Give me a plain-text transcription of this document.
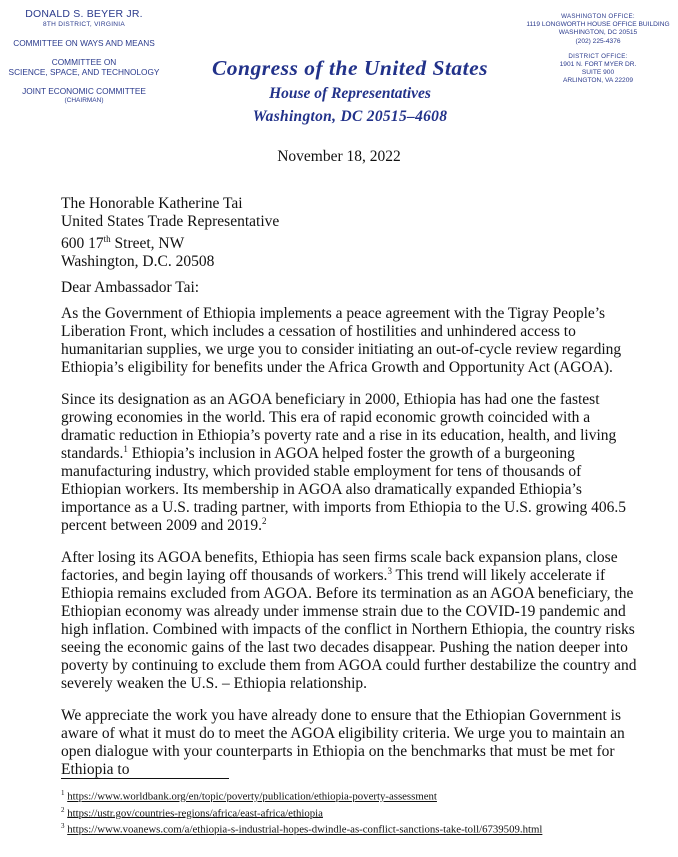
DONALD S. BEYER JR.
8TH DISTRICT, VIRGINIA
COMMITTEE ON WAYS AND MEANS
COMMITTEE ON
SCIENCE, SPACE, AND TECHNOLOGY
JOINT ECONOMIC COMMITTEE
(CHAIRMAN)
Congress of the United States
House of Representatives
Washington, DC 20515–4608
WASHINGTON OFFICE:
1119 LONGWORTH HOUSE OFFICE BUILDING
WASHINGTON, DC 20515
(202) 225-4376
DISTRICT OFFICE:
1901 N. FORT MYER DR.
SUITE 900
ARLINGTON, VA 22209
November 18, 2022
The Honorable Katherine Tai
United States Trade Representative
600 17th Street, NW
Washington, D.C. 20508
Dear Ambassador Tai:

As the Government of Ethiopia implements a peace agreement with the Tigray People’s Liberation Front, which includes a cessation of hostilities and unhindered access to humanitarian supplies, we urge you to consider initiating an out-of-cycle review regarding Ethiopia’s eligibility for benefits under the Africa Growth and Opportunity Act (AGOA).

Since its designation as an AGOA beneficiary in 2000, Ethiopia has had one the fastest growing economies in the world. This era of rapid economic growth coincided with a dramatic reduction in Ethiopia’s poverty rate and a rise in its education, health, and living standards.$^1$ Ethiopia’s inclusion in AGOA helped foster the growth of a burgeoning manufacturing industry, which provided stable employment for tens of thousands of Ethiopian workers. Its membership in AGOA also dramatically expanded Ethiopia’s importance as a U.S. trading partner, with imports from Ethiopia to the U.S. growing 406.5 percent between 2009 and 2019.$^2$

After losing its AGOA benefits, Ethiopia has seen firms scale back expansion plans, close factories, and begin laying off thousands of workers.$^3$ This trend will likely accelerate if Ethiopia remains excluded from AGOA. Before its termination as an AGOA beneficiary, the Ethiopian economy was already under immense strain due to the COVID-19 pandemic and high inflation. Combined with impacts of the conflict in Northern Ethiopia, the country risks seeing the economic gains of the last two decades disappear. Pushing the nation deeper into poverty by continuing to exclude them from AGOA could further destabilize the country and severely weaken the U.S. – Ethiopia relationship.

We appreciate the work you have already done to ensure that the Ethiopian Government is aware of what it must do to meet the AGOA eligibility criteria. We urge you to maintain an open dialogue with your counterparts in Ethiopia on the benchmarks that must be met for Ethiopia to

$^1$ https://www.worldbank.org/en/topic/poverty/publication/ethiopia-poverty-assessment
$^2$ https://ustr.gov/countries-regions/africa/east-africa/ethiopia
$^3$ https://www.voanews.com/a/ethiopia-s-industrial-hopes-dwindle-as-conflict-sanctions-take-toll/6739509.html
